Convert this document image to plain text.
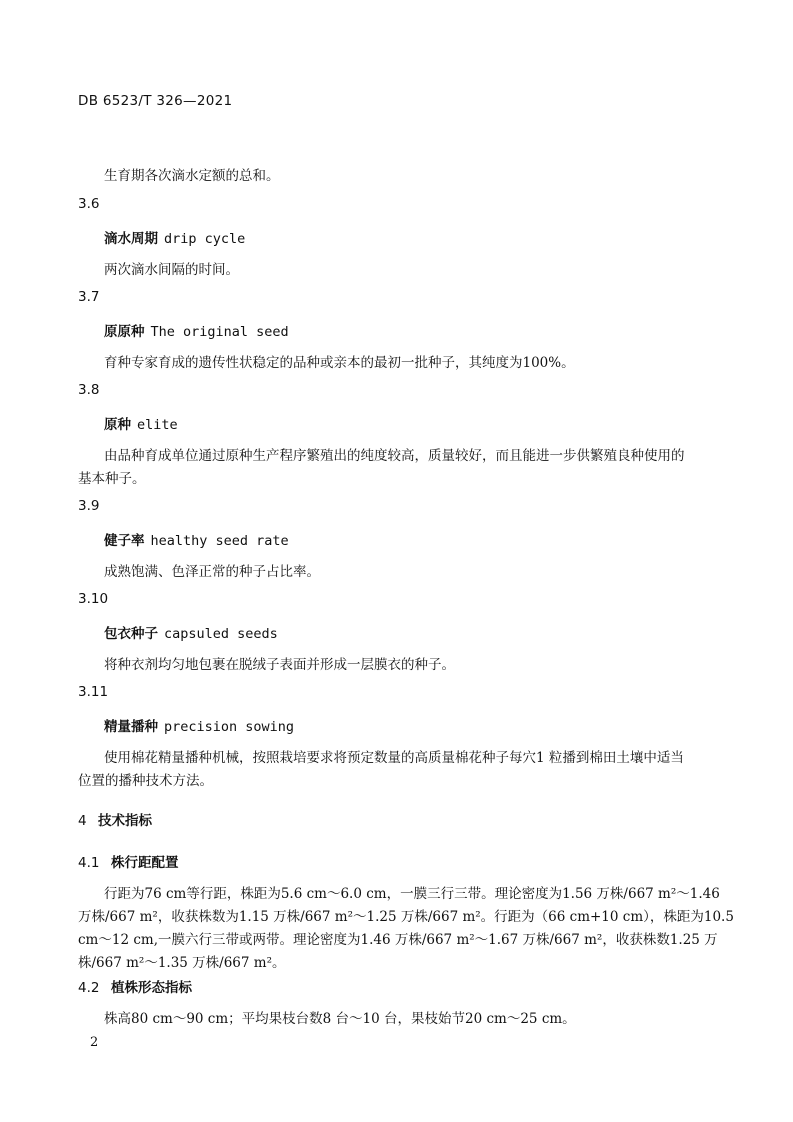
DB 6523/T 326—2021
生育期各次滴水定额的总和。
3.6
滴水周期 drip cycle
两次滴水间隔的时间。
3.7
原原种 The original seed
育种专家育成的遗传性状稳定的品种或亲本的最初一批种子，其纯度为100%。
3.8
原种 elite
由品种育成单位通过原种生产程序繁殖出的纯度较高，质量较好，而且能进一步供繁殖良种使用的
基本种子。
3.9
健子率 healthy seed rate
成熟饱满、色泽正常的种子占比率。
3.10
包衣种子 capsuled seeds
将种衣剂均匀地包裹在脱绒子表面并形成一层膜衣的种子。
3.11
精量播种 precision sowing
使用棉花精量播种机械，按照栽培要求将预定数量的高质量棉花种子每穴1 粒播到棉田土壤中适当
位置的播种技术方法。
4 技术指标
4.1 株行距配置
行距为76 cm等行距，株距为5.6 cm～6.0 cm，一膜三行三带。理论密度为1.56 万株/667 m²～1.46
万株/667 m²，收获株数为1.15 万株/667 m²～1.25 万株/667 m²。行距为（66 cm+10 cm），株距为10.5
cm～12 cm,一膜六行三带或两带。理论密度为1.46 万株/667 m²～1.67 万株/667 m²，收获株数1.25 万
株/667 m²～1.35 万株/667 m²。
4.2 植株形态指标
株高80 cm～90 cm；平均果枝台数8 台～10 台，果枝始节20 cm～25 cm。
2
